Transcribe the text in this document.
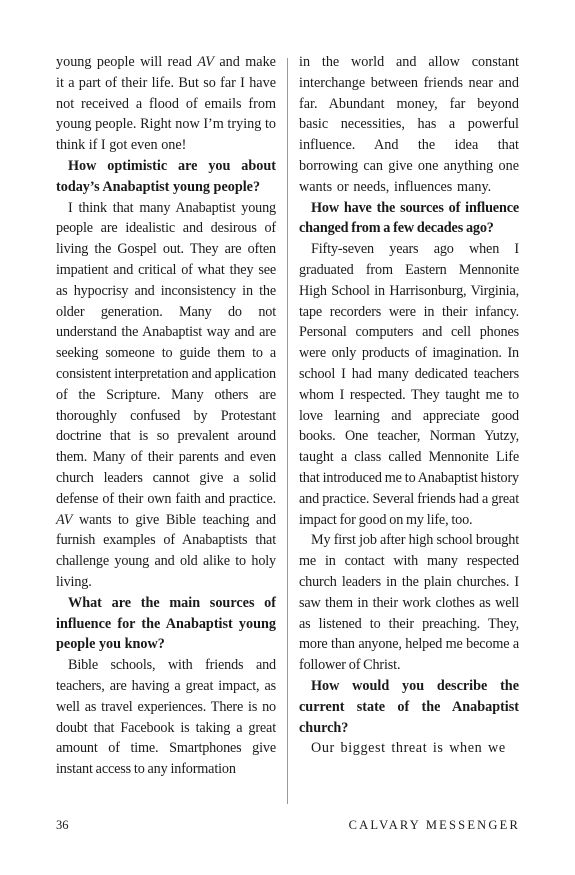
young people will read AV and make it a part of their life. But so far I have not received a flood of emails from young people. Right now I’m trying to think if I got even one!

How optimistic are you about today’s Anabaptist young people?

I think that many Anabaptist young people are idealistic and desirous of living the Gospel out. They are often impatient and critical of what they see as hypocrisy and inconsistency in the older generation. Many do not understand the Anabaptist way and are seeking someone to guide them to a consistent interpretation and application of the Scripture. Many others are thoroughly confused by Protestant doctrine that is so prevalent around them. Many of their parents and even church leaders cannot give a solid defense of their own faith and practice. AV wants to give Bible teaching and furnish examples of Anabaptists that challenge young and old alike to holy living.

What are the main sources of influence for the Anabaptist young people you know?

Bible schools, with friends and teachers, are having a great impact, as well as travel experiences. There is no doubt that Facebook is taking a great amount of time. Smartphones give instant access to any information

in the world and allow constant interchange between friends near and far. Abundant money, far beyond basic necessities, has a powerful influence. And the idea that borrowing can give one anything one wants or needs, influences many.

How have the sources of influence changed from a few decades ago?

Fifty-seven years ago when I graduated from Eastern Mennonite High School in Harrisonburg, Virginia, tape recorders were in their infancy. Personal computers and cell phones were only products of imagination. In school I had many dedicated teachers whom I respected. They taught me to love learning and appreciate good books. One teacher, Norman Yutzy, taught a class called Mennonite Life that introduced me to Anabaptist history and practice. Several friends had a great impact for good on my life, too.

My first job after high school brought me in contact with many respected church leaders in the plain churches. I saw them in their work clothes as well as listened to their preaching. They, more than anyone, helped me become a follower of Christ.

How would you describe the current state of the Anabaptist church?

Our biggest threat is when we

36	CALVARY MESSENGER
